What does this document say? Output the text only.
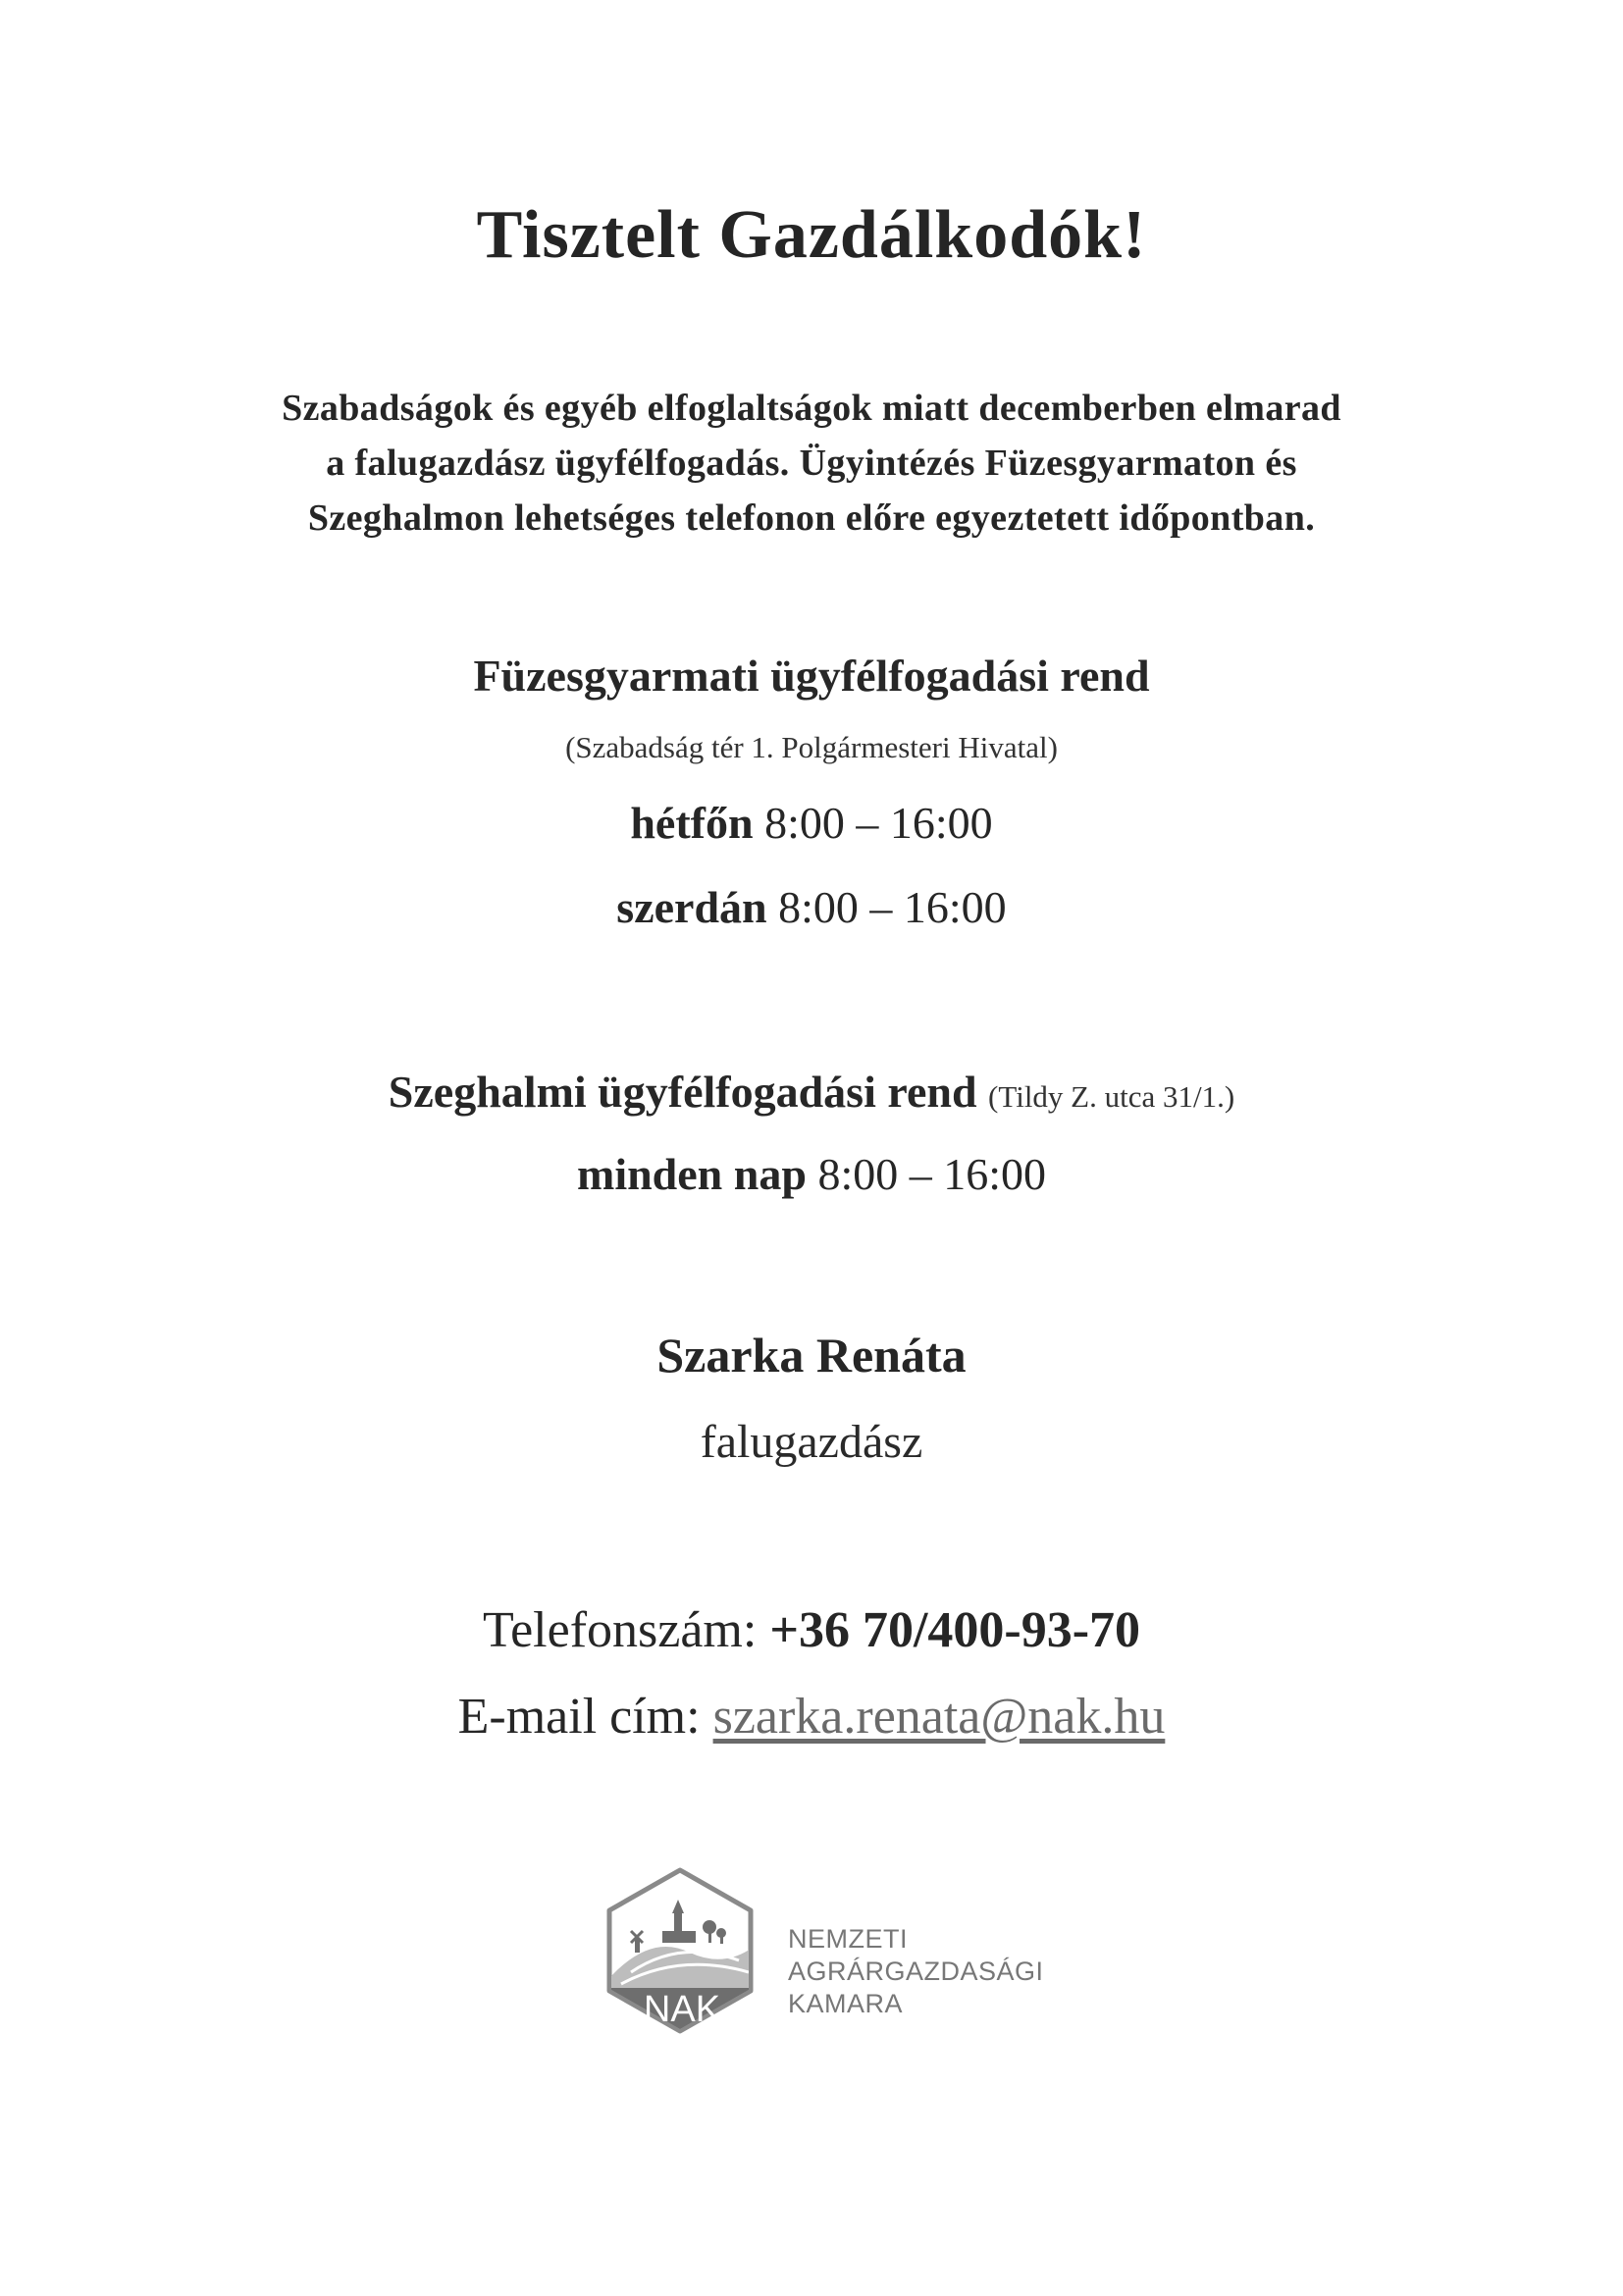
Tisztelt Gazdálkodók!
Szabadságok és egyéb elfoglaltságok miatt decemberben elmarad
a falugazdász ügyfélfogadás. Ügyintézés Füzesgyarmaton és
Szeghalmon lehetséges telefonon előre egyeztetett időpontban.
Füzesgyarmati ügyfélfogadási rend
(Szabadság tér 1. Polgármesteri Hivatal)
hétfőn 8:00 – 16:00
szerdán 8:00 – 16:00
Szeghalmi ügyfélfogadási rend (Tildy Z. utca 31/1.)
minden nap 8:00 – 16:00
Szarka Renáta
falugazdász
Telefonszám: +36 70/400-93-70
E-mail cím: szarka.renata@nak.hu
NAK
NEMZETI
AGRÁRGAZDASÁGI
KAMARA
